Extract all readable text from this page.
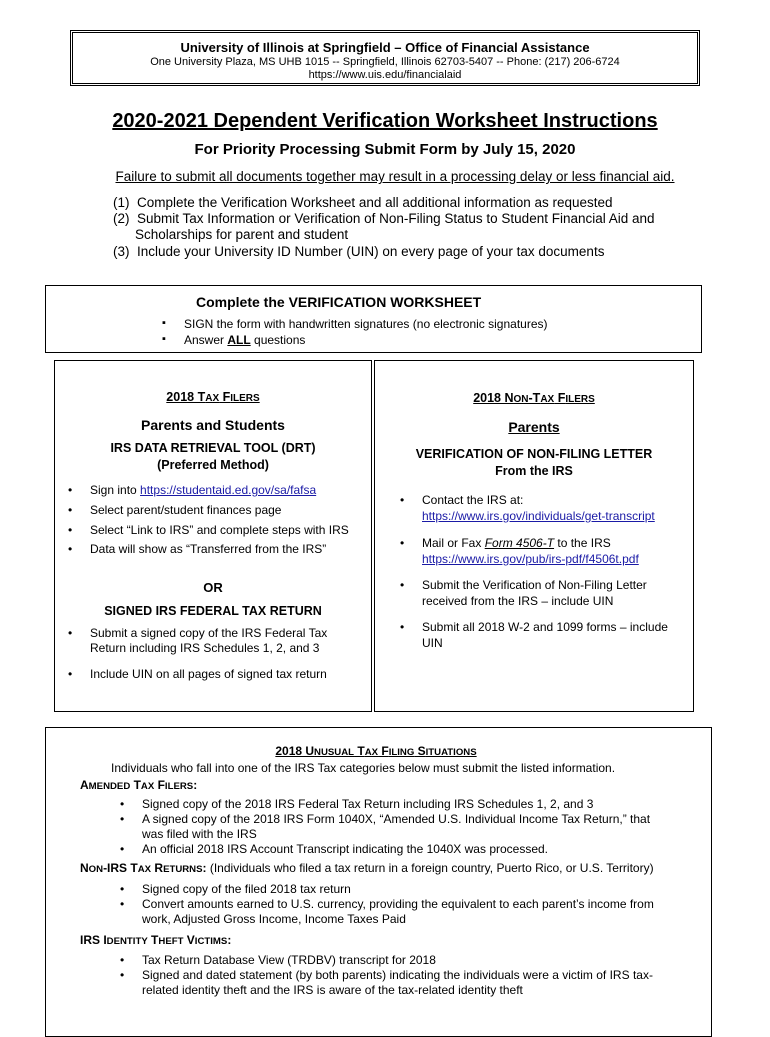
University of Illinois at Springfield – Office of Financial Assistance
One University Plaza, MS UHB 1015 -- Springfield, Illinois 62703-5407 -- Phone: (217) 206-6724
https://www.uis.edu/financialaid
2020-2021 Dependent Verification Worksheet Instructions
For Priority Processing Submit Form by July 15, 2020
Failure to submit all documents together may result in a processing delay or less financial aid.
(1)  Complete the Verification Worksheet and all additional information as requested
(2)  Submit Tax Information or Verification of Non-Filing Status to Student Financial Aid and
Scholarships for parent and student
(3)  Include your University ID Number (UIN) on every page of your tax documents
Complete the VERIFICATION WORKSHEET
▪ SIGN the form with handwritten signatures (no electronic signatures)
▪ Answer ALL questions
2018 TAX FILERS
Parents and Students
IRS DATA RETRIEVAL TOOL (DRT)
(Preferred Method)
• Sign into https://studentaid.ed.gov/sa/fafsa
• Select parent/student finances page
• Select “Link to IRS” and complete steps with IRS
• Data will show as “Transferred from the IRS”
OR
SIGNED IRS FEDERAL TAX RETURN
• Submit a signed copy of the IRS Federal Tax
Return including IRS Schedules 1, 2, and 3
• Include UIN on all pages of signed tax return
2018 NON-TAX FILERS
Parents
VERIFICATION OF NON-FILING LETTER
From the IRS
• Contact the IRS at:
https://www.irs.gov/individuals/get-transcript
• Mail or Fax Form 4506-T to the IRS
https://www.irs.gov/pub/irs-pdf/f4506t.pdf
• Submit the Verification of Non-Filing Letter
received from the IRS – include UIN
• Submit all 2018 W-2 and 1099 forms – include
UIN
2018 UNUSUAL TAX FILING SITUATIONS
Individuals who fall into one of the IRS Tax categories below must submit the listed information.
AMENDED TAX FILERS:
• Signed copy of the 2018 IRS Federal Tax Return including IRS Schedules 1, 2, and 3
• A signed copy of the 2018 IRS Form 1040X, “Amended U.S. Individual Income Tax Return,” that
was filed with the IRS
• An official 2018 IRS Account Transcript indicating the 1040X was processed.
NON-IRS TAX RETURNS: (Individuals who filed a tax return in a foreign country, Puerto Rico, or U.S. Territory)
• Signed copy of the filed 2018 tax return
• Convert amounts earned to U.S. currency, providing the equivalent to each parent’s income from
work, Adjusted Gross Income, Income Taxes Paid
IRS IDENTITY THEFT VICTIMS:
• Tax Return Database View (TRDBV) transcript for 2018
• Signed and dated statement (by both parents) indicating the individuals were a victim of IRS tax-
related identity theft and the IRS is aware of the tax-related identity theft
